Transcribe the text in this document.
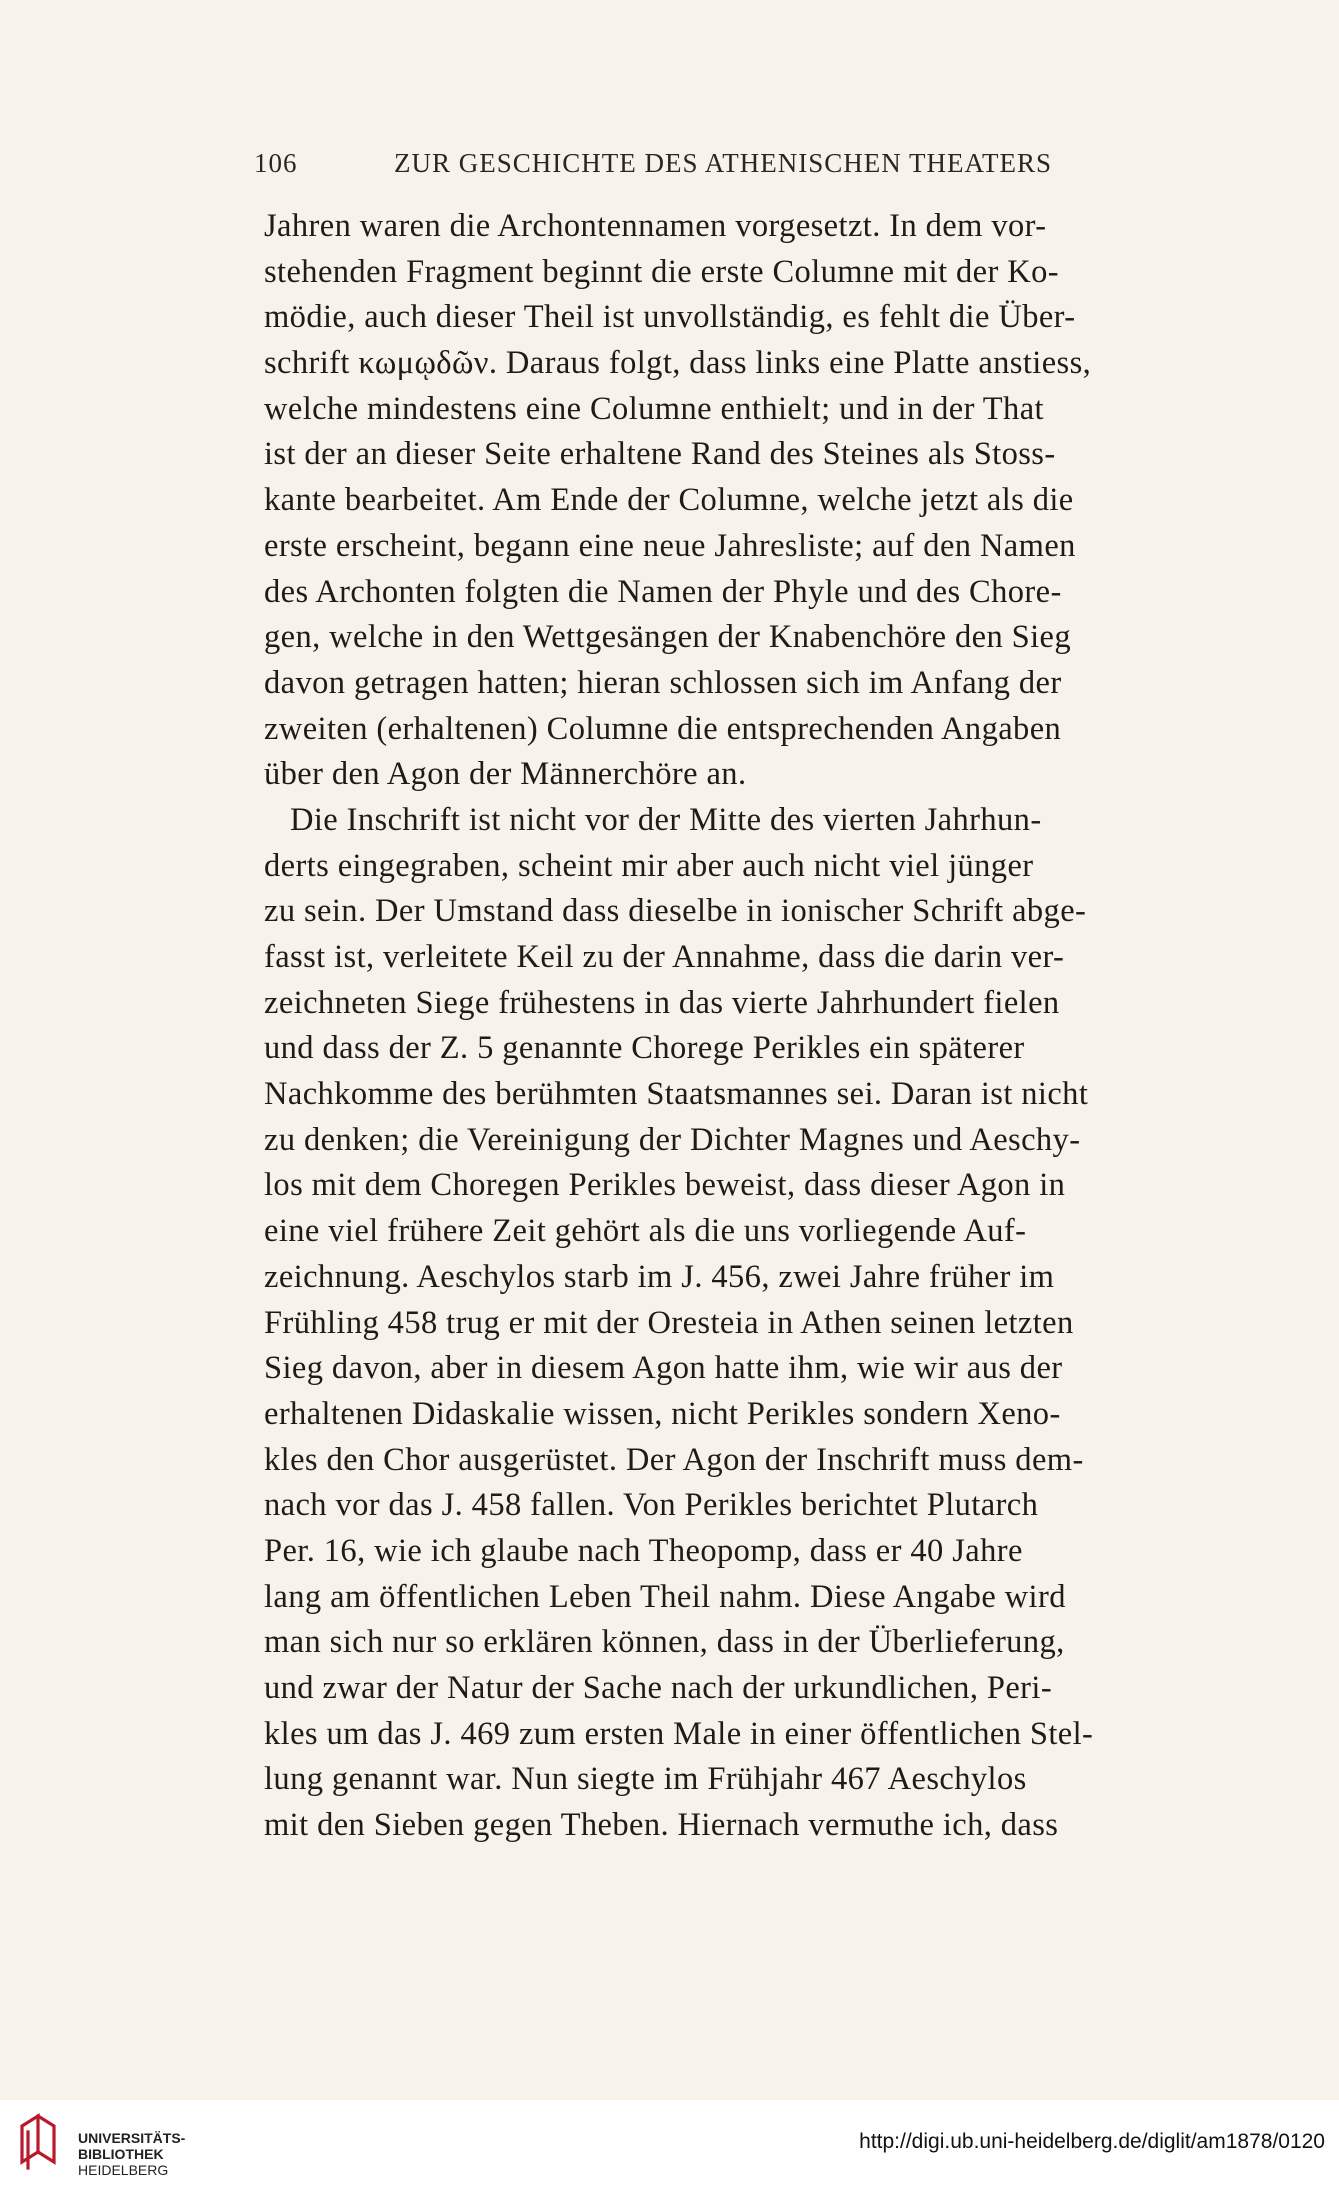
106	ZUR GESCHICHTE DES ATHENISCHEN THEATERS
Jahren waren die Archontennamen vorgesetzt. In dem vor-
stehenden Fragment beginnt die erste Columne mit der Ko-
mödie, auch dieser Theil ist unvollständig, es fehlt die Über-
schrift κωμῳδῶν. Daraus folgt, dass links eine Platte anstiess,
welche mindestens eine Columne enthielt; und in der That
ist der an dieser Seite erhaltene Rand des Steines als Stoss-
kante bearbeitet. Am Ende der Columne, welche jetzt als die
erste erscheint, begann eine neue Jahresliste; auf den Namen
des Archonten folgten die Namen der Phyle und des Chore-
gen, welche in den Wettgesängen der Knabenchöre den Sieg
davon getragen hatten; hieran schlossen sich im Anfang der
zweiten (erhaltenen) Columne die entsprechenden Angaben
über den Agon der Männerchöre an.
Die Inschrift ist nicht vor der Mitte des vierten Jahrhun-
derts eingegraben, scheint mir aber auch nicht viel jünger
zu sein. Der Umstand dass dieselbe in ionischer Schrift abge-
fasst ist, verleitete Keil zu der Annahme, dass die darin ver-
zeichneten Siege frühestens in das vierte Jahrhundert fielen
und dass der Z. 5 genannte Chorege Perikles ein späterer
Nachkomme des berühmten Staatsmannes sei. Daran ist nicht
zu denken; die Vereinigung der Dichter Magnes und Aeschy-
los mit dem Choregen Perikles beweist, dass dieser Agon in
eine viel frühere Zeit gehört als die uns vorliegende Auf-
zeichnung. Aeschylos starb im J. 456, zwei Jahre früher im
Frühling 458 trug er mit der Oresteia in Athen seinen letzten
Sieg davon, aber in diesem Agon hatte ihm, wie wir aus der
erhaltenen Didaskalie wissen, nicht Perikles sondern Xeno-
kles den Chor ausgerüstet. Der Agon der Inschrift muss dem-
nach vor das J. 458 fallen. Von Perikles berichtet Plutarch
Per. 16, wie ich glaube nach Theopomp, dass er 40 Jahre
lang am öffentlichen Leben Theil nahm. Diese Angabe wird
man sich nur so erklären können, dass in der Überlieferung,
und zwar der Natur der Sache nach der urkundlichen, Peri-
kles um das J. 469 zum ersten Male in einer öffentlichen Stel-
lung genannt war. Nun siegte im Frühjahr 467 Aeschylos
mit den Sieben gegen Theben. Hiernach vermuthe ich, dass
UNIVERSITÄTS-
BIBLIOTHEK
HEIDELBERG
http://digi.ub.uni-heidelberg.de/diglit/am1878/0120
